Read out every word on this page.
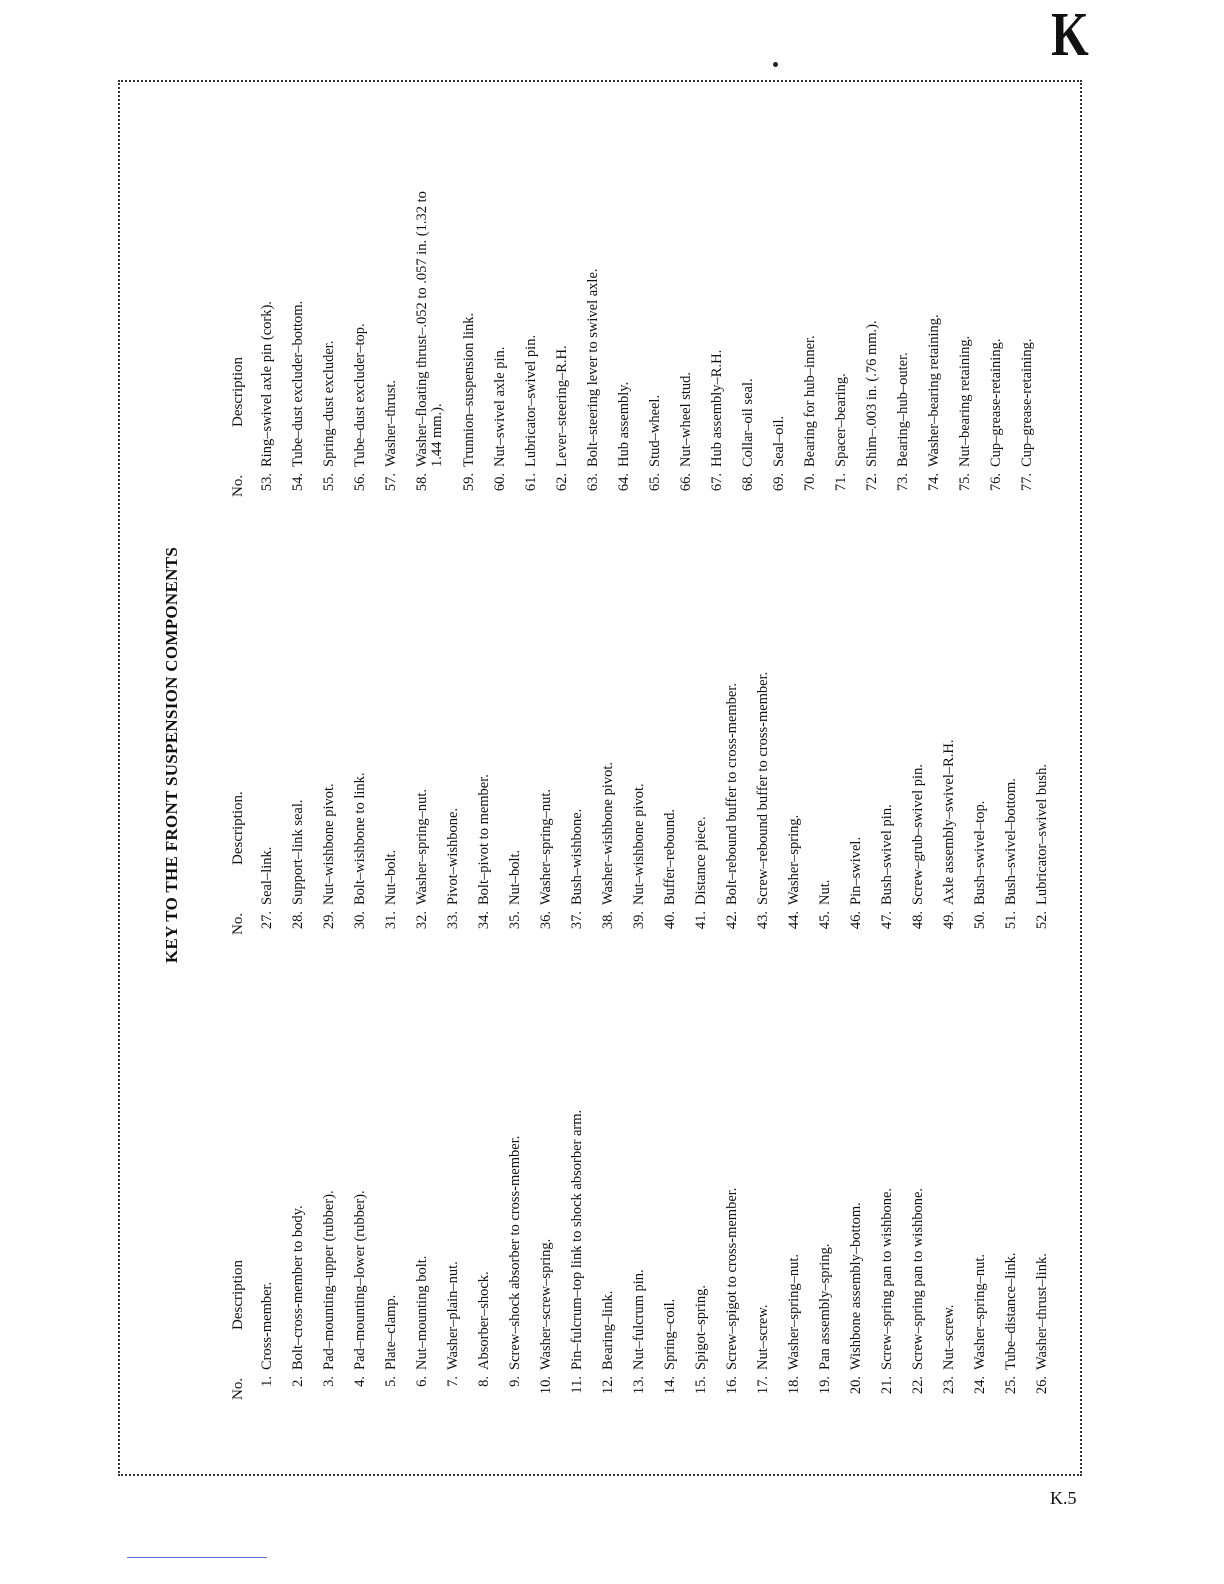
K
KEY TO THE FRONT SUSPENSION COMPONENTS
No.
Description
1.
Cross-member.
2.
Bolt–cross-member to body.
3.
Pad–mounting–upper (rubber).
4.
Pad–mounting–lower (rubber).
5.
Plate–clamp.
6.
Nut–mounting bolt.
7.
Washer–plain–nut.
8.
Absorber–shock.
9.
Screw–shock absorber to cross-member.
10.
Washer–screw–spring.
11.
Pin–fulcrum–top link to shock absorber arm.
12.
Bearing–link.
13.
Nut–fulcrum pin.
14.
Spring–coil.
15.
Spigot–spring.
16.
Screw–spigot to cross-member.
17.
Nut–screw.
18.
Washer–spring–nut.
19.
Pan assembly–spring.
20.
Wishbone assembly–bottom.
21.
Screw–spring pan to wishbone.
22.
Screw–spring pan to wishbone.
23.
Nut–screw.
24.
Washer–spring–nut.
25.
Tube–distance–link.
26.
Washer–thrust–link.
No.
Description.
27.
Seal–link.
28.
Support–link seal.
29.
Nut–wishbone pivot.
30.
Bolt–wishbone to link.
31.
Nut–bolt.
32.
Washer–spring–nut.
33.
Pivot–wishbone.
34.
Bolt–pivot to member.
35.
Nut–bolt.
36.
Washer–spring–nut.
37.
Bush–wishbone.
38.
Washer–wishbone pivot.
39.
Nut–wishbone pivot.
40.
Buffer–rebound.
41.
Distance piece.
42.
Bolt–rebound buffer to cross-member.
43.
Screw–rebound buffer to cross-member.
44.
Washer–spring.
45.
Nut.
46.
Pin–swivel.
47.
Bush–swivel pin.
48.
Screw–grub–swivel pin.
49.
Axle assembly–swivel–R.H.
50.
Bush–swivel–top.
51.
Bush–swivel–bottom.
52.
Lubricator–swivel bush.
No.
Description
53.
Ring–swivel axle pin (cork).
54.
Tube–dust excluder–bottom.
55.
Spring–dust excluder.
56.
Tube–dust excluder–top.
57.
Washer–thrust.
58.
Washer–floating thrust–.052 to .057 in. (1.32 to 1.44 mm.).
59.
Trunnion–suspension link.
60.
Nut–swivel axle pin.
61.
Lubricator–swivel pin.
62.
Lever–steering–R.H.
63.
Bolt–steering lever to swivel axle.
64.
Hub assembly.
65.
Stud–wheel.
66.
Nut–wheel stud.
67.
Hub assembly–R.H.
68.
Collar–oil seal.
69.
Seal–oil.
70.
Bearing for hub–inner.
71.
Spacer–bearing.
72.
Shim–.003 in. (.76 mm.).
73.
Bearing–hub–outer.
74.
Washer–bearing retaining.
75.
Nut–bearing retaining.
76.
Cup–grease-retaining.
77.
Cup–grease-retaining.
K.5
